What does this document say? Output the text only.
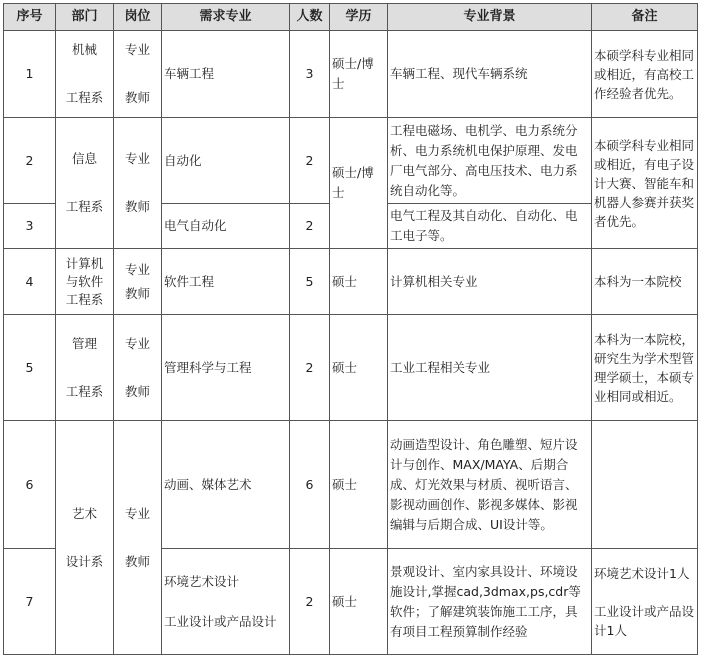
序号	部门	岗位	需求专业	人数	学历	专业背景	备注
1	机械

工程系	专业

教师	车辆工程	3	硕士/博士	车辆工程、现代车辆系统	本硕学科专业相同或相近，有高校工作经验者优先。
2	信息

工程系	专业

教师	自动化	2	硕士/博士	工程电磁场、电机学、电力系统分析、电力系统机电保护原理、发电厂电气部分、高电压技术、电力系统自动化等。	本硕学科专业相同或相近，有电子设计大赛、智能车和机器人参赛并获奖者优先。
3			电气自动化	2		电气工程及其自动化、自动化、电工电子等。	
4	计算机
与软件
工程系	专业
教师	软件工程	5	硕士	计算机相关专业	本科为一本院校
5	管理

工程系	专业

教师	管理科学与工程	2	硕士	工业工程相关专业	本科为一本院校，研究生为学术型管理学硕士，本硕专业相同或相近。
6	艺术

设计系	专业

教师	动画、媒体艺术	6	硕士	动画造型设计、角色雕塑、短片设计与创作、MAX/MAYA、后期合成、灯光效果与材质、视听语言、影视动画创作、影视多媒体、影视编辑与后期合成、UI设计等。	
7			环境艺术设计

工业设计或产品设计	2	硕士	景观设计、室内家具设计、环境设施设计,掌握cad,3dmax,ps,cdr等软件；了解建筑装饰施工工序，具有项目工程预算制作经验	环境艺术设计1人

工业设计或产品设计1人
